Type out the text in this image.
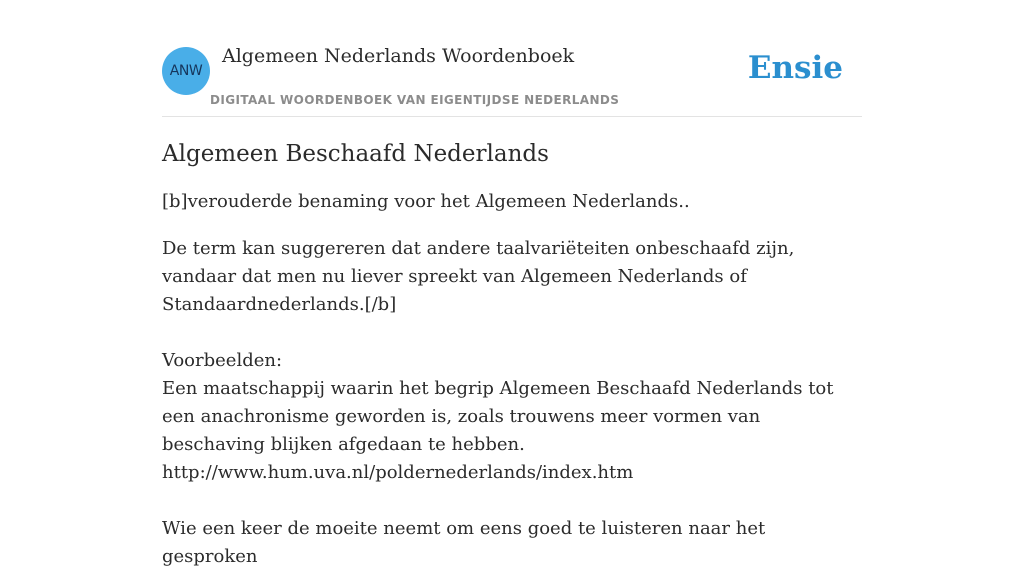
ANW
Algemeen Nederlands Woordenboek
DIGITAAL WOORDENBOEK VAN EIGENTIJDSE NEDERLANDS
Ensie
Algemeen Beschaafd Nederlands

[b]verouderde benaming voor het Algemeen Nederlands..

De term kan suggereren dat andere taalvariëteiten onbeschaafd zijn, vandaar dat men nu liever spreekt van Algemeen Nederlands of Standaardnederlands.[/b]

Voorbeelden:
Een maatschappij waarin het begrip Algemeen Beschaafd Nederlands tot een anachronisme geworden is, zoals trouwens meer vormen van beschaving blijken afgedaan te hebben.
http://www.hum.uva.nl/poldernederlands/index.htm

Wie een keer de moeite neemt om eens goed te luisteren naar het gesproken
